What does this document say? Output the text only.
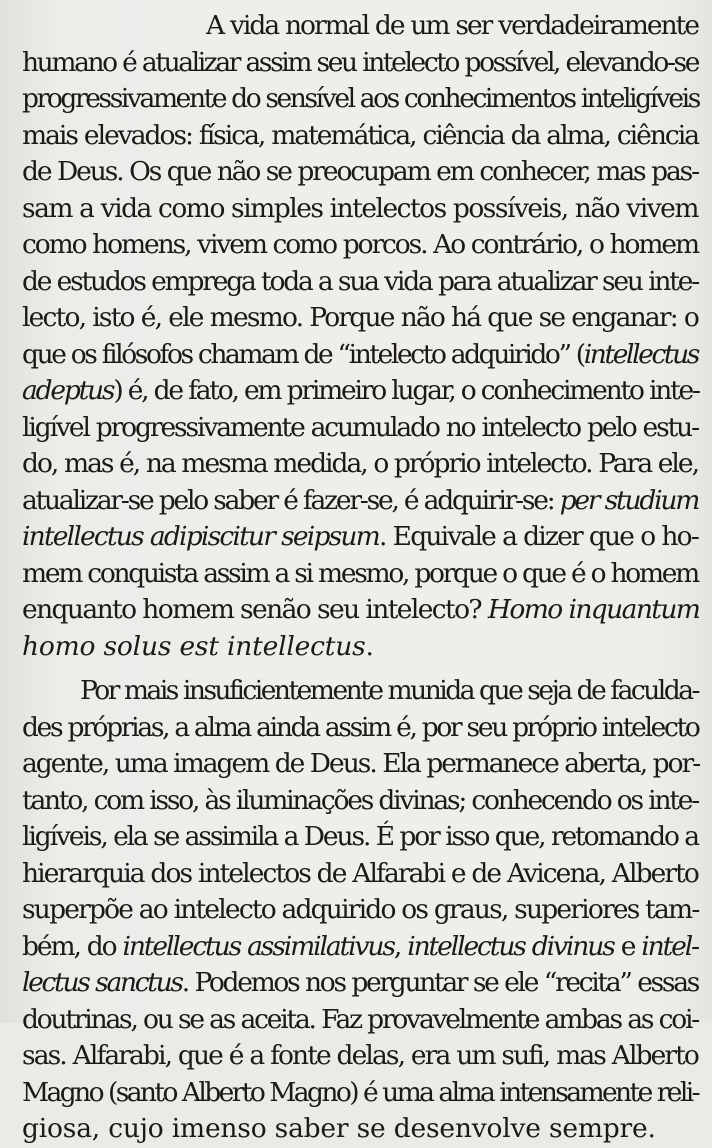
A vida normal de um ser verdadeiramente
humano é atualizar assim seu intelecto possível, elevando-se
progressivamente do sensível aos conhecimentos inteligíveis
mais elevados: física, matemática, ciência da alma, ciência
de Deus. Os que não se preocupam em conhecer, mas pas-
sam a vida como simples intelectos possíveis, não vivem
como homens, vivem como porcos. Ao contrário, o homem
de estudos emprega toda a sua vida para atualizar seu inte-
lecto, isto é, ele mesmo. Porque não há que se enganar: o
que os filósofos chamam de “intelecto adquirido” (intellectus
adeptus) é, de fato, em primeiro lugar, o conhecimento inte-
ligível progressivamente acumulado no intelecto pelo estu-
do, mas é, na mesma medida, o próprio intelecto. Para ele,
atualizar-se pelo saber é fazer-se, é adquirir-se: per studium
intellectus adipiscitur seipsum. Equivale a dizer que o ho-
mem conquista assim a si mesmo, porque o que é o homem
enquanto homem senão seu intelecto? Homo inquantum
homo solus est intellectus.
Por mais insuficientemente munida que seja de faculda-
des próprias, a alma ainda assim é, por seu próprio intelecto
agente, uma imagem de Deus. Ela permanece aberta, por-
tanto, com isso, às iluminações divinas; conhecendo os inte-
ligíveis, ela se assimila a Deus. É por isso que, retomando a
hierarquia dos intelectos de Alfarabi e de Avicena, Alberto
superpõe ao intelecto adquirido os graus, superiores tam-
bém, do intellectus assimilativus, intellectus divinus e intel-
lectus sanctus. Podemos nos perguntar se ele “recita” essas
doutrinas, ou se as aceita. Faz provavelmente ambas as coi-
sas. Alfarabi, que é a fonte delas, era um sufi, mas Alberto
Magno (santo Alberto Magno) é uma alma intensamente reli-
giosa, cujo imenso saber se desenvolve sempre.
